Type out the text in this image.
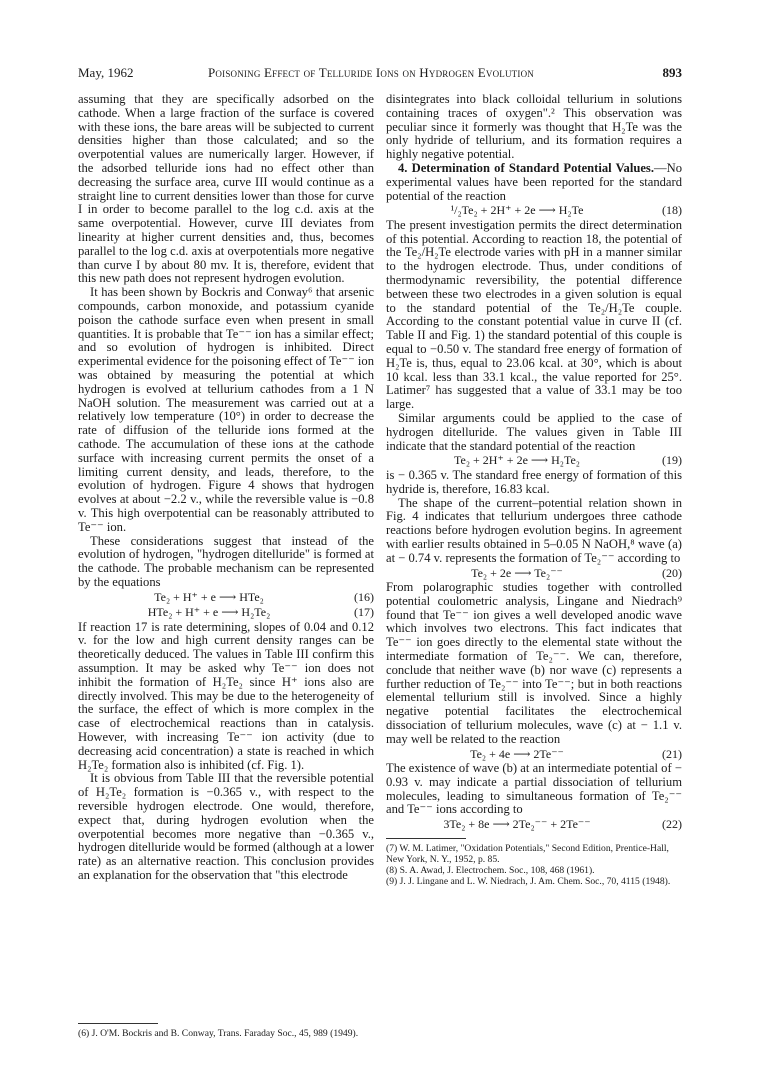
May, 1962	Poisoning Effect of Telluride Ions on Hydrogen Evolution	893

assuming that they are specifically adsorbed on the cathode. When a large fraction of the surface is covered with these ions, the bare areas will be subjected to current densities higher than those calculated; and so the overpotential values are numerically larger. However, if the adsorbed telluride ions had no effect other than decreasing the surface area, curve III would continue as a straight line to current densities lower than those for curve I in order to become parallel to the log c.d. axis at the same overpotential. However, curve III deviates from linearity at higher current densities and, thus, becomes parallel to the log c.d. axis at overpotentials more negative than curve I by about 80 mv. It is, therefore, evident that this new path does not represent hydrogen evolution.

It has been shown by Bockris and Conway⁶ that arsenic compounds, carbon monoxide, and potassium cyanide poison the cathode surface even when present in small quantities. It is probable that Te⁻⁻ ion has a similar effect; and so evolution of hydrogen is inhibited. Direct experimental evidence for the poisoning effect of Te⁻⁻ ion was obtained by measuring the potential at which hydrogen is evolved at tellurium cathodes from a 1 N NaOH solution. The measurement was carried out at a relatively low temperature (10°) in order to decrease the rate of diffusion of the telluride ions formed at the cathode. The accumulation of these ions at the cathode surface with increasing current permits the onset of a limiting current density, and leads, therefore, to the evolution of hydrogen. Figure 4 shows that hydrogen evolves at about −2.2 v., while the reversible value is −0.8 v. This high overpotential can be reasonably attributed to Te⁻⁻ ion.

These considerations suggest that instead of the evolution of hydrogen, "hydrogen ditelluride" is formed at the cathode. The probable mechanism can be represented by the equations

Te₂ + H⁺ + e ⟶ HTe₂	(16)
HTe₂ + H⁺ + e ⟶ H₂Te₂	(17)

If reaction 17 is rate determining, slopes of 0.04 and 0.12 v. for the low and high current density ranges can be theoretically deduced. The values in Table III confirm this assumption. It may be asked why Te⁻⁻ ion does not inhibit the formation of H₂Te₂ since H⁺ ions also are directly involved. This may be due to the heterogeneity of the surface, the effect of which is more complex in the case of electrochemical reactions than in catalysis. However, with increasing Te⁻⁻ ion activity (due to decreasing acid concentration) a state is reached in which H₂Te₂ formation also is inhibited (cf. Fig. 1).

It is obvious from Table III that the reversible potential of H₂Te₂ formation is −0.365 v., with respect to the reversible hydrogen electrode. One would, therefore, expect that, during hydrogen evolution when the overpotential becomes more negative than −0.365 v., hydrogen ditelluride would be formed (although at a lower rate) as an alternative reaction. This conclusion provides an explanation for the observation that "this electrode

(6) J. O'M. Bockris and B. Conway, Trans. Faraday Soc., 45, 989 (1949).

disintegrates into black colloidal tellurium in solutions containing traces of oxygen".² This observation was peculiar since it formerly was thought that H₂Te was the only hydride of tellurium, and its formation requires a highly negative potential.

4. Determination of Standard Potential Values.—No experimental values have been reported for the standard potential of the reaction

¹/₂Te₂ + 2H⁺ + 2e ⟶ H₂Te	(18)

The present investigation permits the direct determination of this potential. According to reaction 18, the potential of the Te₂/H₂Te electrode varies with pH in a manner similar to the hydrogen electrode. Thus, under conditions of thermodynamic reversibility, the potential difference between these two electrodes in a given solution is equal to the standard potential of the Te₂/H₂Te couple. According to the constant potential value in curve II (cf. Table II and Fig. 1) the standard potential of this couple is equal to −0.50 v. The standard free energy of formation of H₂Te is, thus, equal to 23.06 kcal. at 30°, which is about 10 kcal. less than 33.1 kcal., the value reported for 25°. Latimer⁷ has suggested that a value of 33.1 may be too large.

Similar arguments could be applied to the case of hydrogen ditelluride. The values given in Table III indicate that the standard potential of the reaction

Te₂ + 2H⁺ + 2e ⟶ H₂Te₂	(19)

is − 0.365 v. The standard free energy of formation of this hydride is, therefore, 16.83 kcal.

The shape of the current–potential relation shown in Fig. 4 indicates that tellurium undergoes three cathode reactions before hydrogen evolution begins. In agreement with earlier results obtained in 5–0.05 N NaOH,⁸ wave (a) at − 0.74 v. represents the formation of Te₂⁻⁻ according to

Te₂ + 2e ⟶ Te₂⁻⁻	(20)

From polarographic studies together with controlled potential coulometric analysis, Lingane and Niedrach⁹ found that Te⁻⁻ ion gives a well developed anodic wave which involves two electrons. This fact indicates that Te⁻⁻ ion goes directly to the elemental state without the intermediate formation of Te₂⁻⁻. We can, therefore, conclude that neither wave (b) nor wave (c) represents a further reduction of Te₂⁻⁻ into Te⁻⁻; but in both reactions elemental tellurium still is involved. Since a highly negative potential facilitates the electrochemical dissociation of tellurium molecules, wave (c) at − 1.1 v. may well be related to the reaction

Te₂ + 4e ⟶ 2Te⁻⁻	(21)

The existence of wave (b) at an intermediate potential of − 0.93 v. may indicate a partial dissociation of tellurium molecules, leading to simultaneous formation of Te₂⁻⁻ and Te⁻⁻ ions according to

3Te₂ + 8e ⟶ 2Te₂⁻⁻ + 2Te⁻⁻	(22)

(7) W. M. Latimer, "Oxidation Potentials," Second Edition, Prentice-Hall, New York, N. Y., 1952, p. 85.

(8) S. A. Awad, J. Electrochem. Soc., 108, 468 (1961).

(9) J. J. Lingane and L. W. Niedrach, J. Am. Chem. Soc., 70, 4115 (1948).
